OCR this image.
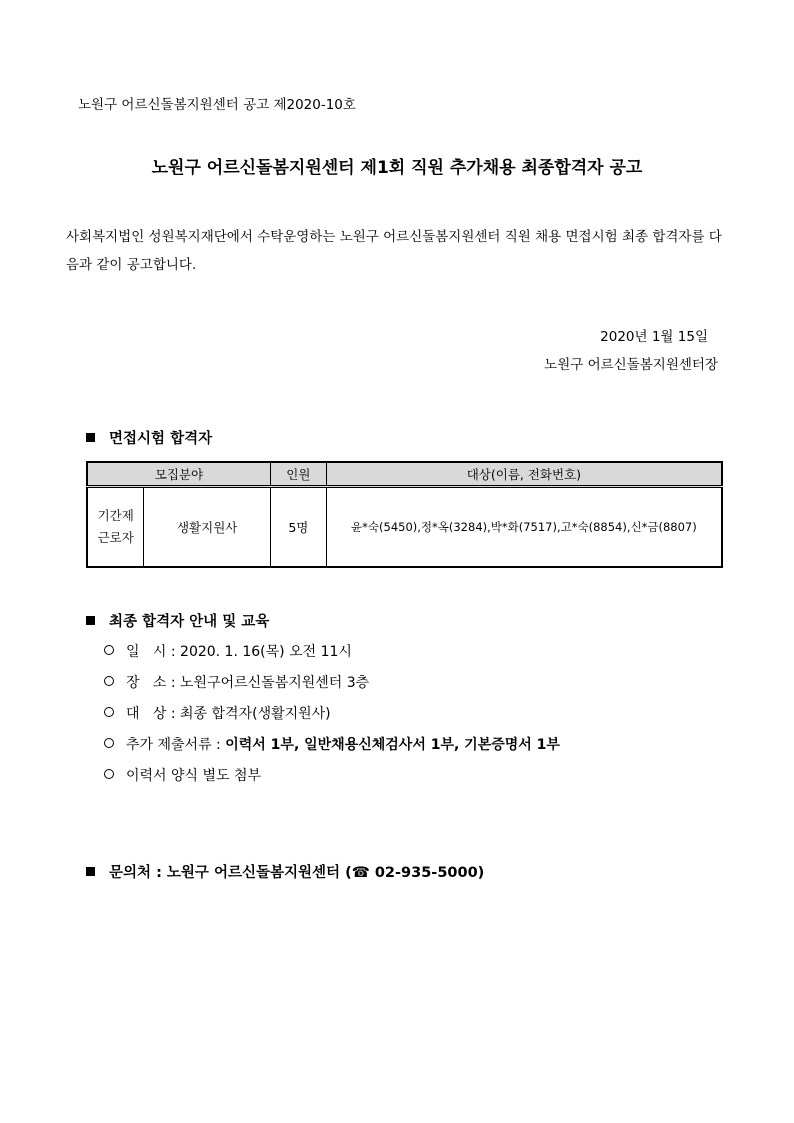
노원구 어르신돌봄지원센터 공고 제2020-10호
노원구 어르신돌봄지원센터 제1회 직원 추가채용 최종합격자 공고
사회복지법인 성원복지재단에서 수탁운영하는 노원구 어르신돌봄지원센터 직원 채용 면접시험 최종 합격자를 다음과 같이 공고합니다.
2020년 1월 15일
노원구 어르신돌봄지원센터장
면접시험 합격자
모집분야		인원	대상(이름, 전화번호)
기간제 근로자	생활지원사	5명	윤*숙(5450),정*옥(3284),박*화(7517),고*숙(8854),신*금(8807)
최종 합격자 안내 및 교육
일   시 : 2020. 1. 16(목) 오전 11시
장   소 : 노원구어르신돌봄지원센터 3층
대   상 : 최종 합격자(생활지원사)
추가 제출서류 : 이력서 1부, 일반채용신체검사서 1부, 기본증명서 1부
이력서 양식 별도 첨부
문의처 : 노원구 어르신돌봄지원센터 (☎ 02-935-5000)
